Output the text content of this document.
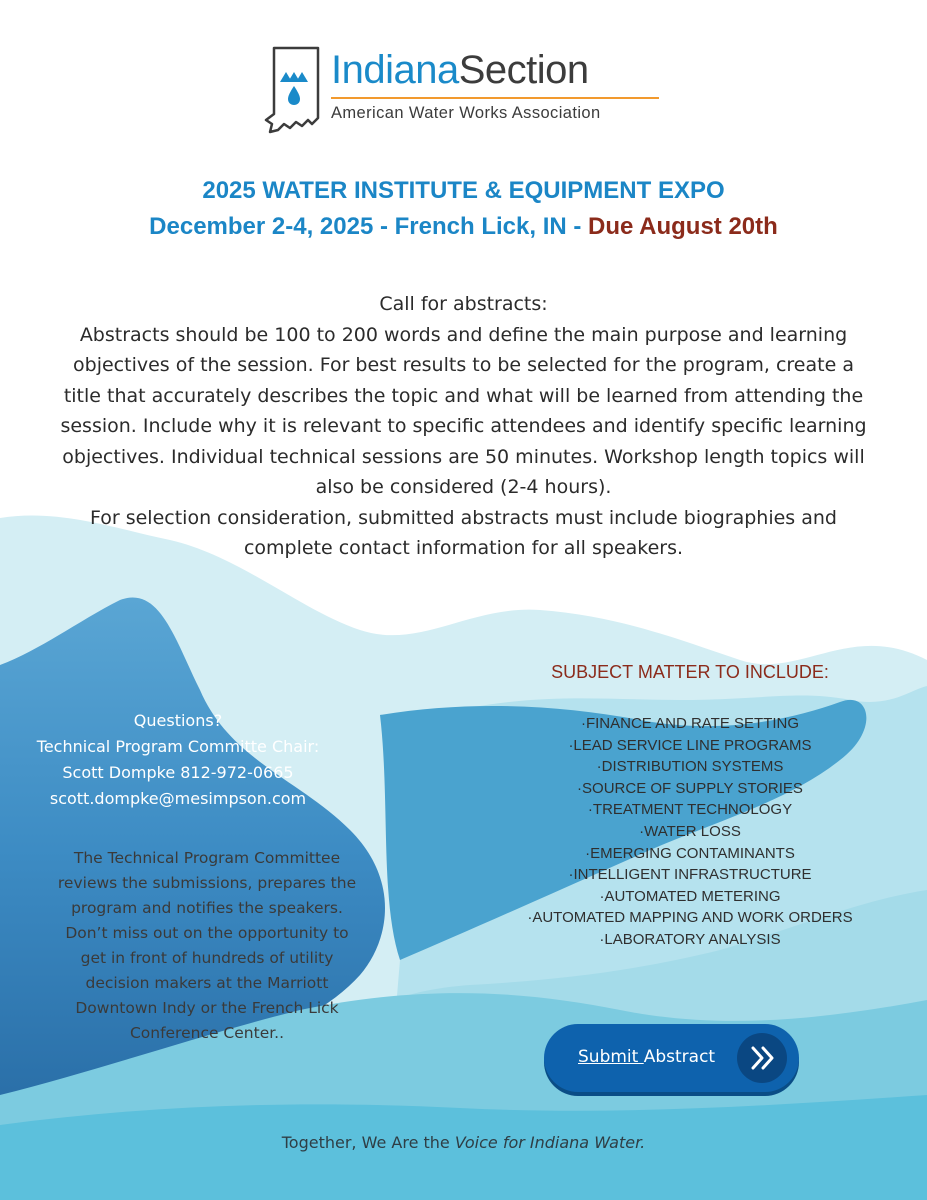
IndianaSection
American Water Works Association
2025 WATER INSTITUTE & EQUIPMENT EXPO
December 2-4, 2025 - French Lick, IN - Due August 20th

Call for abstracts:

Abstracts should be 100 to 200 words and define the main purpose and learning objectives of the session. For best results to be selected for the program, create a title that accurately describes the topic and what will be learned from attending the session. Include why it is relevant to specific attendees and identify specific learning objectives. Individual technical sessions are 50 minutes. Workshop length topics will also be considered (2-4 hours).

For selection consideration, submitted abstracts must include biographies and complete contact information for all speakers.

SUBJECT MATTER TO INCLUDE:
·FINANCE AND RATE SETTING
·LEAD SERVICE LINE PROGRAMS
·DISTRIBUTION SYSTEMS
·SOURCE OF SUPPLY STORIES
·TREATMENT TECHNOLOGY
·WATER LOSS
·EMERGING CONTAMINANTS
·INTELLIGENT INFRASTRUCTURE
·AUTOMATED METERING
·AUTOMATED MAPPING AND WORK ORDERS
·LABORATORY ANALYSIS
Questions?
Technical Program Committe Chair:
Scott Dompke 812-972-0665
scott.dompke@mesimpson.com

The Technical Program Committee reviews the submissions, prepares the program and notifies the speakers.

Don’t miss out on the opportunity to get in front of hundreds of utility decision makers at the Marriott Downtown Indy or the French Lick Conference Center..

Submit Abstract
Together, We Are the Voice for Indiana Water.
